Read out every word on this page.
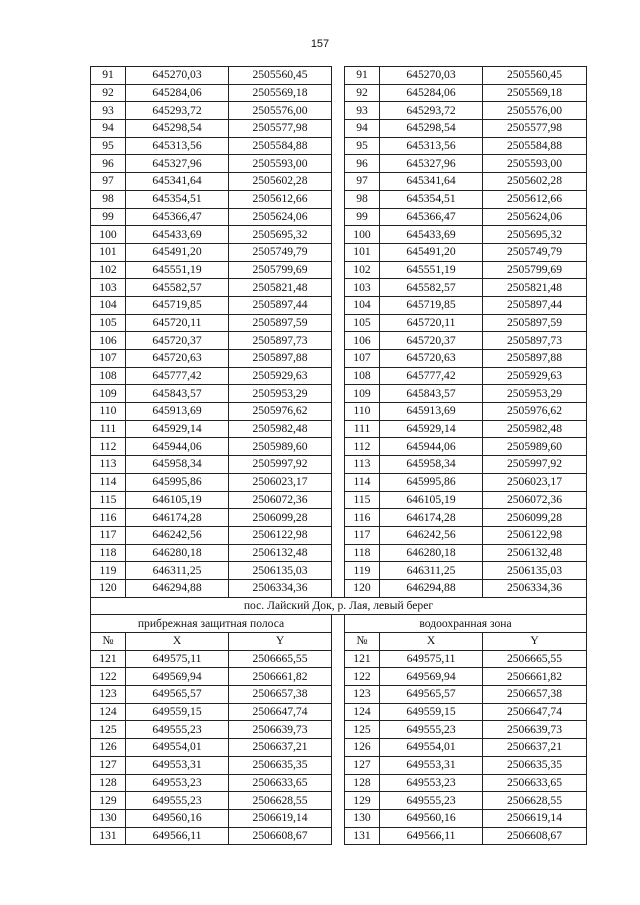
157
91	645270,03	2505560,45		91	645270,03	2505560,45
92	645284,06	2505569,18		92	645284,06	2505569,18
93	645293,72	2505576,00		93	645293,72	2505576,00
94	645298,54	2505577,98		94	645298,54	2505577,98
95	645313,56	2505584,88		95	645313,56	2505584,88
96	645327,96	2505593,00		96	645327,96	2505593,00
97	645341,64	2505602,28		97	645341,64	2505602,28
98	645354,51	2505612,66		98	645354,51	2505612,66
99	645366,47	2505624,06		99	645366,47	2505624,06
100	645433,69	2505695,32		100	645433,69	2505695,32
101	645491,20	2505749,79		101	645491,20	2505749,79
102	645551,19	2505799,69		102	645551,19	2505799,69
103	645582,57	2505821,48		103	645582,57	2505821,48
104	645719,85	2505897,44		104	645719,85	2505897,44
105	645720,11	2505897,59		105	645720,11	2505897,59
106	645720,37	2505897,73		106	645720,37	2505897,73
107	645720,63	2505897,88		107	645720,63	2505897,88
108	645777,42	2505929,63		108	645777,42	2505929,63
109	645843,57	2505953,29		109	645843,57	2505953,29
110	645913,69	2505976,62		110	645913,69	2505976,62
111	645929,14	2505982,48		111	645929,14	2505982,48
112	645944,06	2505989,60		112	645944,06	2505989,60
113	645958,34	2505997,92		113	645958,34	2505997,92
114	645995,86	2506023,17		114	645995,86	2506023,17
115	646105,19	2506072,36		115	646105,19	2506072,36
116	646174,28	2506099,28		116	646174,28	2506099,28
117	646242,56	2506122,98		117	646242,56	2506122,98
118	646280,18	2506132,48		118	646280,18	2506132,48
119	646311,25	2506135,03		119	646311,25	2506135,03
120	646294,88	2506334,36		120	646294,88	2506334,36
пос. Лайский Док, р. Лая, левый берег						
прибрежная защитная полоса				водоохранная зона		
№	X	Y		№	X	Y
121	649575,11	2506665,55		121	649575,11	2506665,55
122	649569,94	2506661,82		122	649569,94	2506661,82
123	649565,57	2506657,38		123	649565,57	2506657,38
124	649559,15	2506647,74		124	649559,15	2506647,74
125	649555,23	2506639,73		125	649555,23	2506639,73
126	649554,01	2506637,21		126	649554,01	2506637,21
127	649553,31	2506635,35		127	649553,31	2506635,35
128	649553,23	2506633,65		128	649553,23	2506633,65
129	649555,23	2506628,55		129	649555,23	2506628,55
130	649560,16	2506619,14		130	649560,16	2506619,14
131	649566,11	2506608,67		131	649566,11	2506608,67
